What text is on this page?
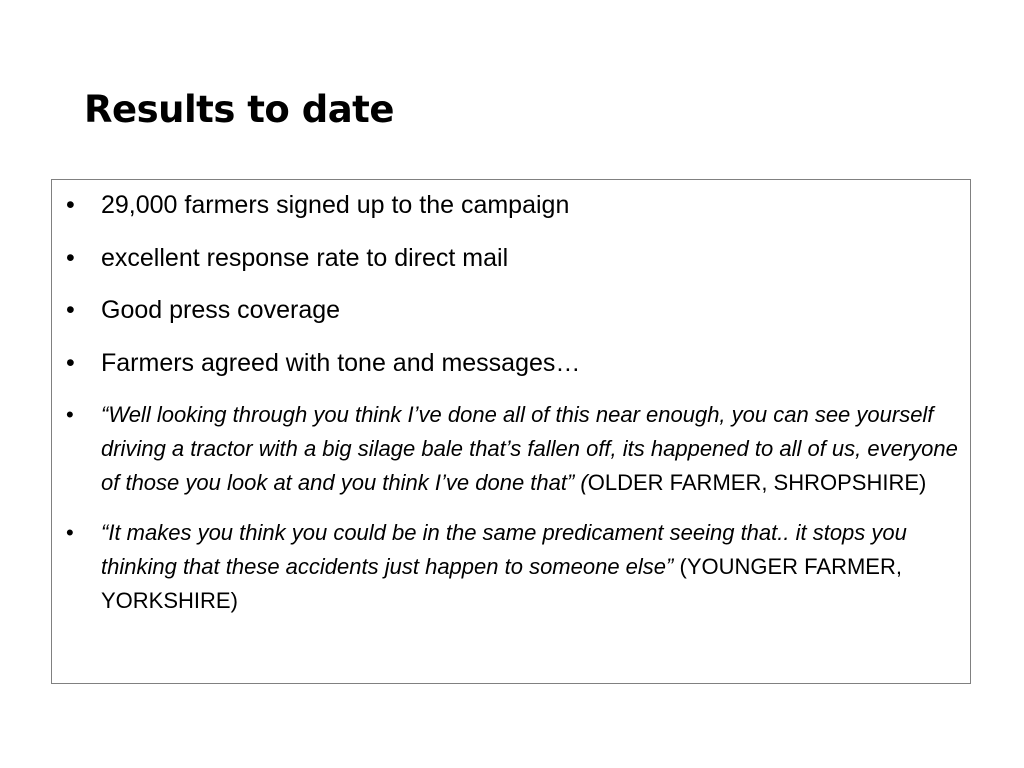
Results to date
•	29,000 farmers signed up to the campaign
•	excellent response rate to direct mail
•	Good press coverage
•	Farmers agreed with tone and messages…
•	“Well looking through you think I’ve done all of this near enough, you can see yourself driving a tractor with a big silage bale that’s fallen off, its happened to all of us, everyone of those you look at and you think I’ve done that” (OLDER FARMER, SHROPSHIRE)
•	“It makes you think you could be in the same predicament seeing that.. it stops you thinking that these accidents just happen to someone else” (YOUNGER FARMER, YORKSHIRE)
